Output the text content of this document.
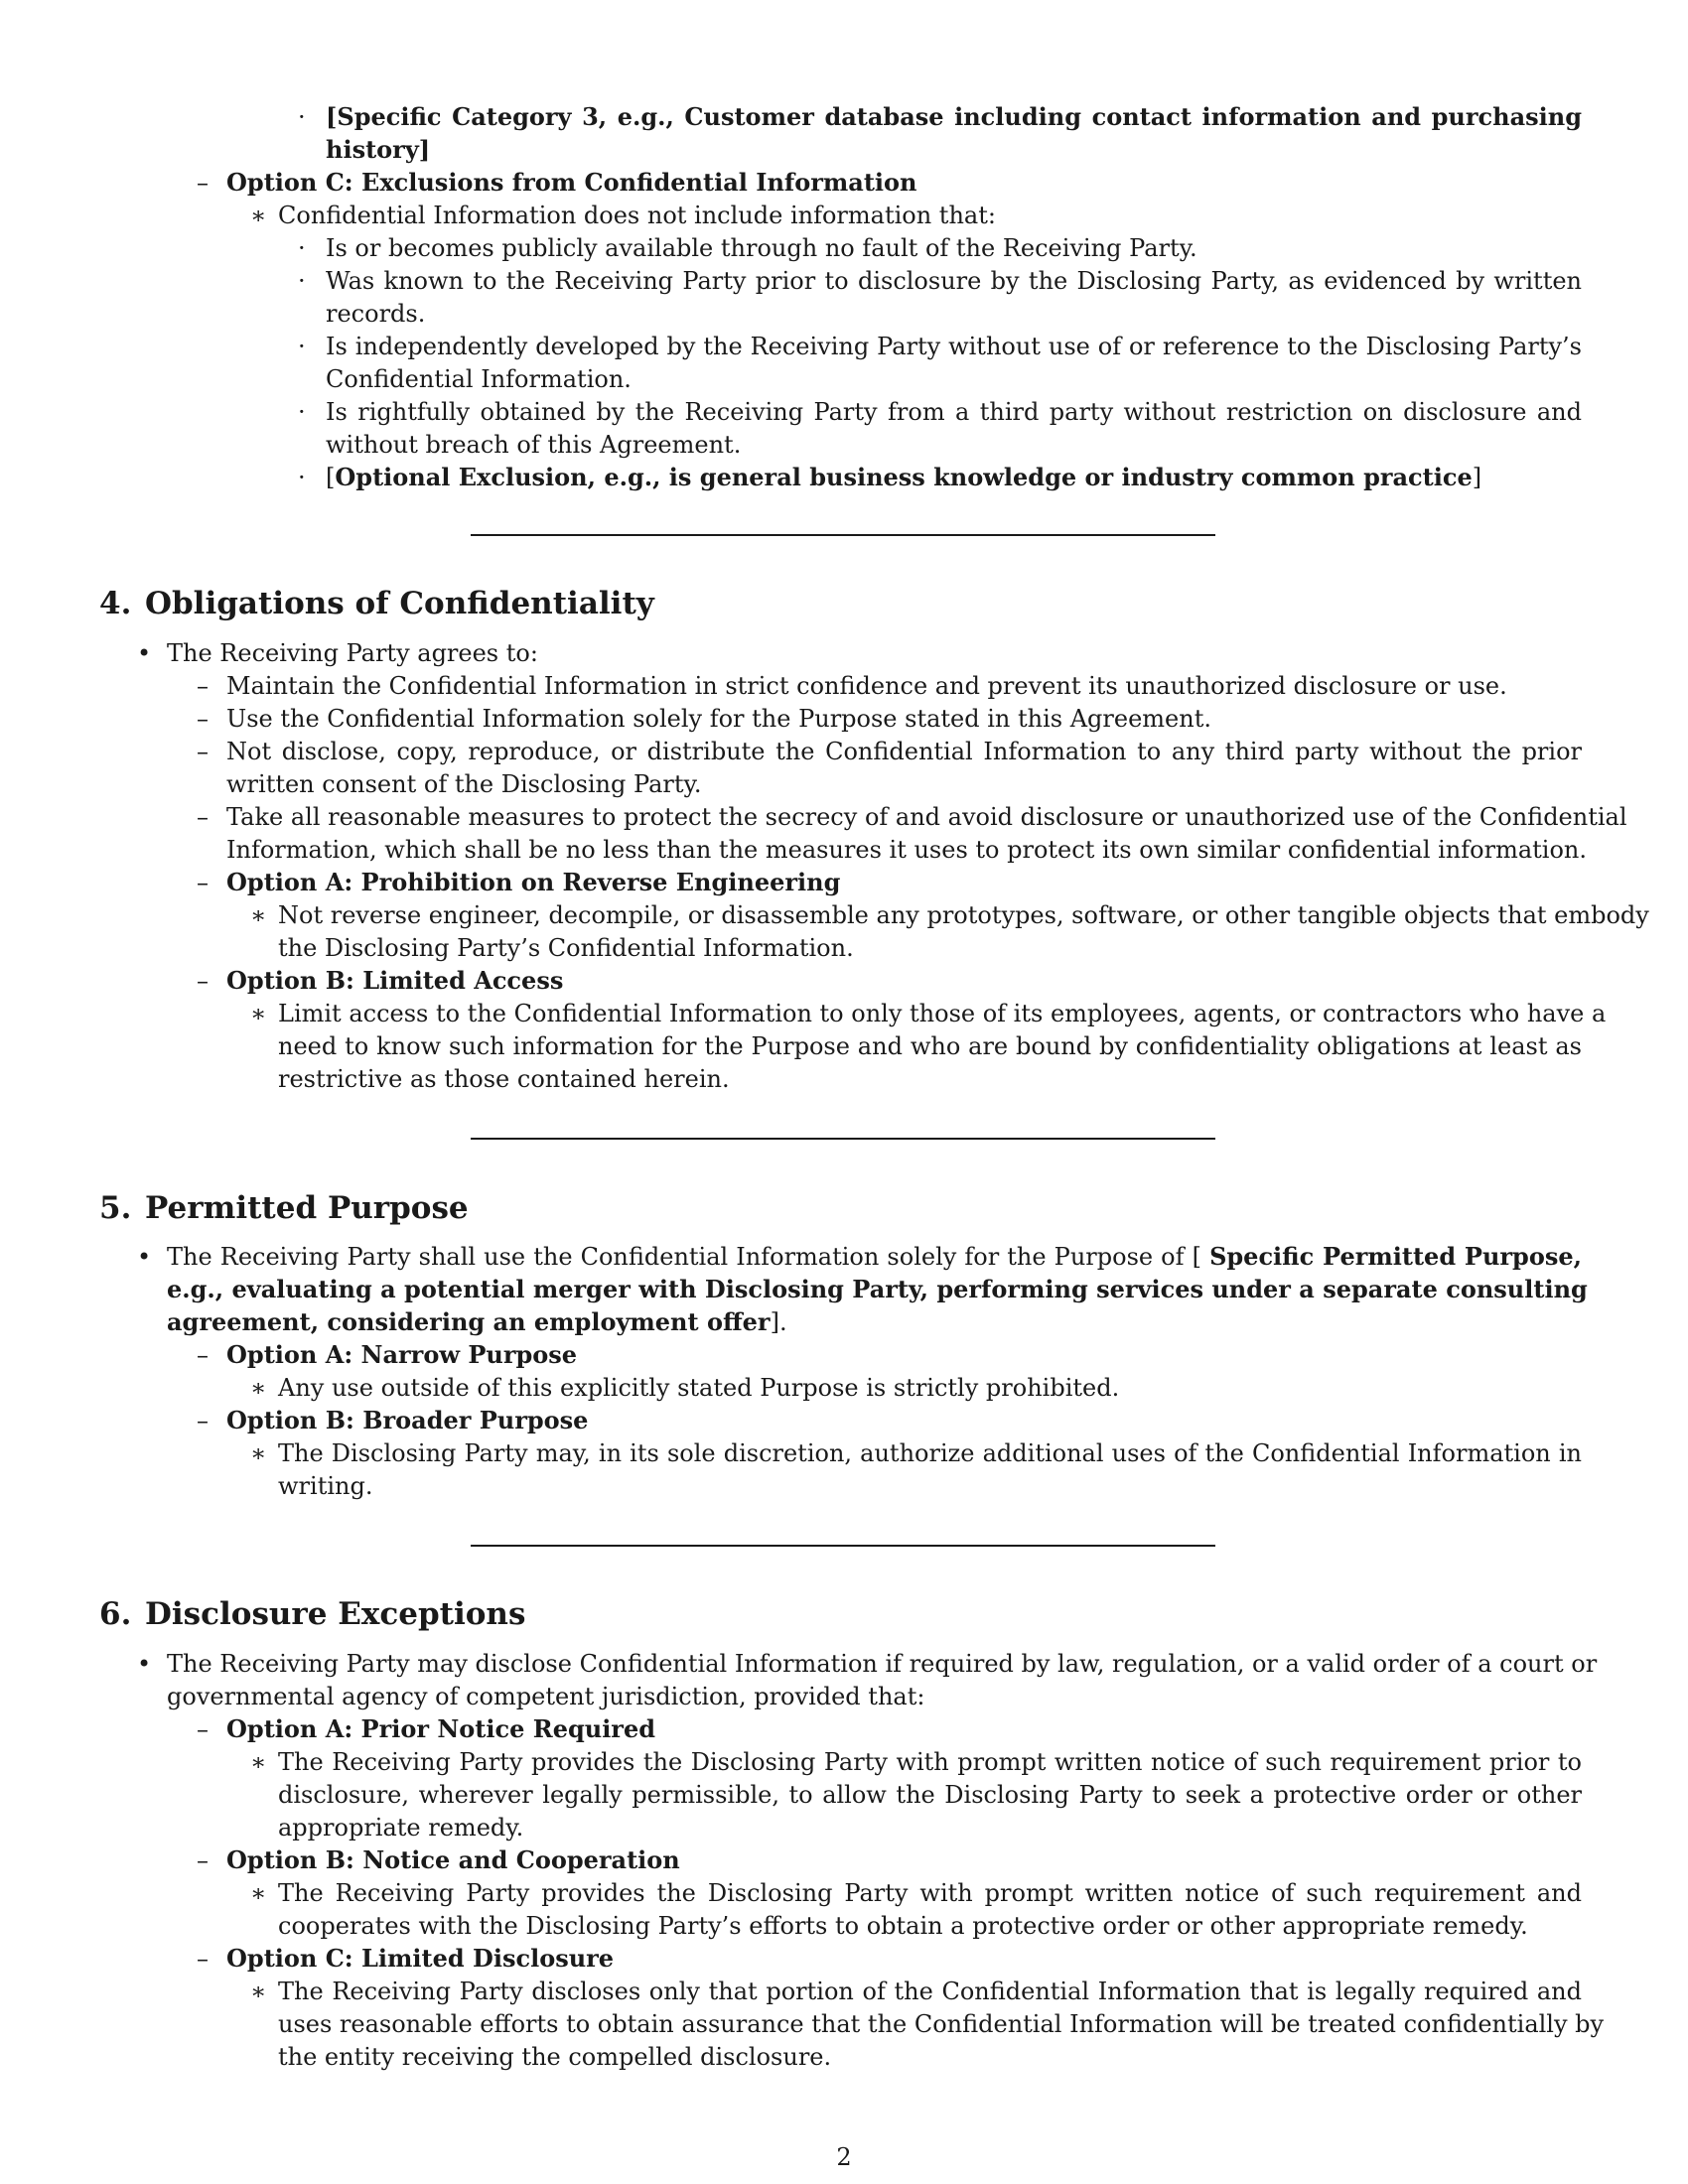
· [Specific Category 3, e.g., Customer database including contact information and purchasing
history]
– Option C: Exclusions from Confidential Information
∗ Confidential Information does not include information that:
· Is or becomes publicly available through no fault of the Receiving Party.
· Was known to the Receiving Party prior to disclosure by the Disclosing Party, as evidenced by written
records.
· Is independently developed by the Receiving Party without use of or reference to the Disclosing Party’s
Confidential Information.
· Is rightfully obtained by the Receiving Party from a third party without restriction on disclosure and
without breach of this Agreement.
· [Optional Exclusion, e.g., is general business knowledge or industry common practice]
4. Obligations of Confidentiality
• The Receiving Party agrees to:
– Maintain the Confidential Information in strict confidence and prevent its unauthorized disclosure or use.
– Use the Confidential Information solely for the Purpose stated in this Agreement.
– Not disclose, copy, reproduce, or distribute the Confidential Information to any third party without the prior
written consent of the Disclosing Party.
– Take all reasonable measures to protect the secrecy of and avoid disclosure or unauthorized use of the Confidential
Information, which shall be no less than the measures it uses to protect its own similar confidential information.
– Option A: Prohibition on Reverse Engineering
∗ Not reverse engineer, decompile, or disassemble any prototypes, software, or other tangible objects that embody
the Disclosing Party’s Confidential Information.
– Option B: Limited Access
∗ Limit access to the Confidential Information to only those of its employees, agents, or contractors who have a
need to know such information for the Purpose and who are bound by confidentiality obligations at least as
restrictive as those contained herein.
5. Permitted Purpose
• The Receiving Party shall use the Confidential Information solely for the Purpose of [ Specific Permitted Purpose,
e.g., evaluating a potential merger with Disclosing Party, performing services under a separate consulting
agreement, considering an employment offer].
– Option A: Narrow Purpose
∗ Any use outside of this explicitly stated Purpose is strictly prohibited.
– Option B: Broader Purpose
∗ The Disclosing Party may, in its sole discretion, authorize additional uses of the Confidential Information in
writing.
6. Disclosure Exceptions
• The Receiving Party may disclose Confidential Information if required by law, regulation, or a valid order of a court or
governmental agency of competent jurisdiction, provided that:
– Option A: Prior Notice Required
∗ The Receiving Party provides the Disclosing Party with prompt written notice of such requirement prior to
disclosure, wherever legally permissible, to allow the Disclosing Party to seek a protective order or other
appropriate remedy.
– Option B: Notice and Cooperation
∗ The Receiving Party provides the Disclosing Party with prompt written notice of such requirement and
cooperates with the Disclosing Party’s efforts to obtain a protective order or other appropriate remedy.
– Option C: Limited Disclosure
∗ The Receiving Party discloses only that portion of the Confidential Information that is legally required and
uses reasonable efforts to obtain assurance that the Confidential Information will be treated confidentially by
the entity receiving the compelled disclosure.
2
